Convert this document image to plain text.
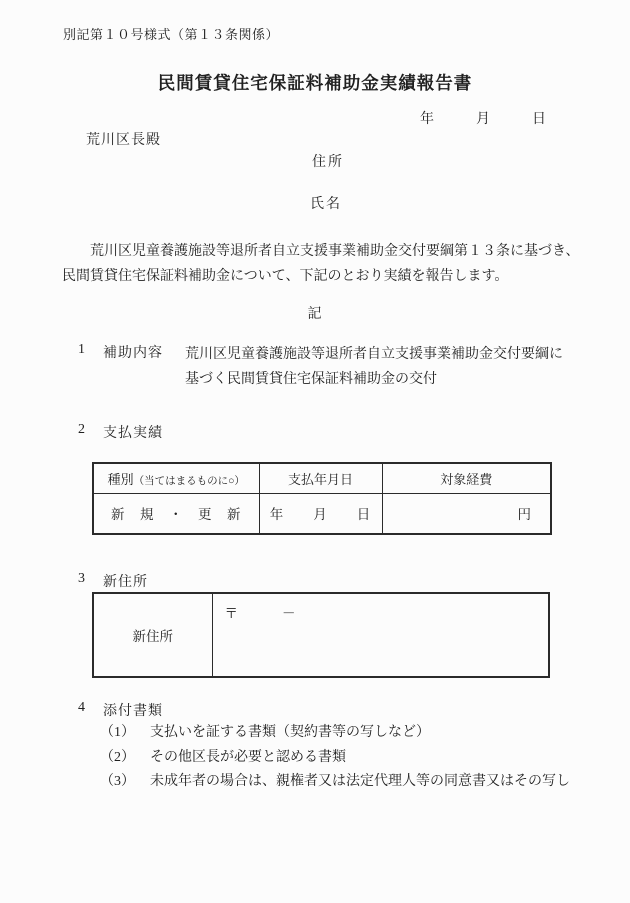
別記第１０号様式（第１３条関係）
民間賃貸住宅保証料補助金実績報告書
年	月	日
荒川区長殿
住所
氏名
荒川区児童養護施設等退所者自立支援事業補助金交付要綱第１３条に基づき、
民間賃貸住宅保証料補助金について、下記のとおり実績を報告します。
記
1	補助内容	荒川区児童養護施設等退所者自立支援事業補助金交付要綱に
基づく民間賃貸住宅保証料補助金の交付
2	支払実績
種別（当てはまるものに○）	支払年月日	対象経費
新　規　・　更　新	年　　月　　日	円
3	新住所
新住所	
〒	－
4	添付書類
（1）	支払いを証する書類（契約書等の写しなど）
（2）	その他区長が必要と認める書類
（3）	未成年者の場合は、親権者又は法定代理人等の同意書又はその写し
